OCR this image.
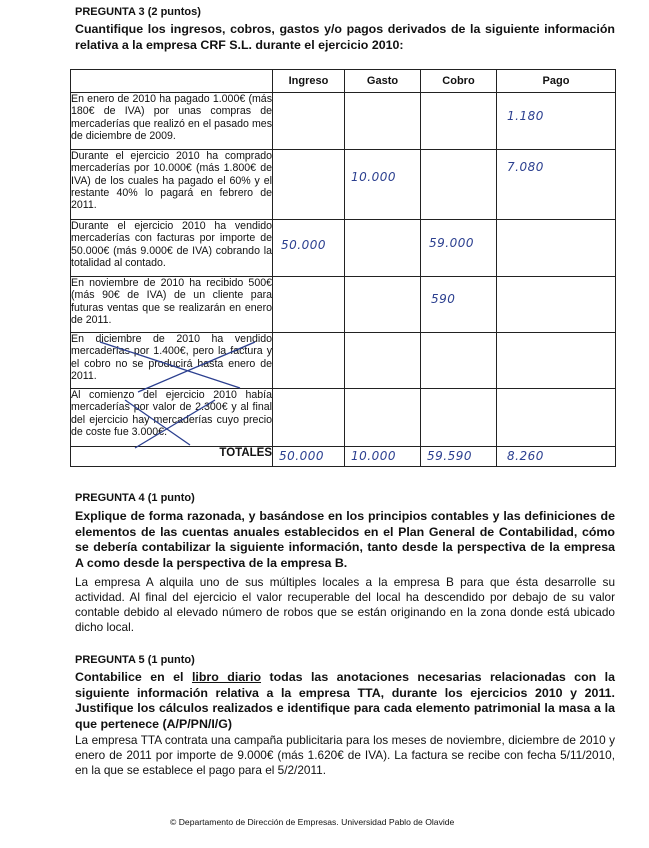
PREGUNTA 3 (2 puntos)
Cuantifique los ingresos, cobros, gastos y/o pagos derivados de la siguiente información relativa a la empresa CRF S.L. durante el ejercicio 2010:
	Ingreso	Gasto	Cobro	Pago
En enero de 2010 ha pagado 1.000€ (más 180€ de IVA) por unas compras de mercaderías que realizó en el pasado mes de diciembre de 2009.				1.180

Durante el ejercicio 2010 ha comprado mercaderías por 10.000€ (más 1.800€ de IVA) de los cuales ha pagado el 60% y el restante 40% lo pagará en febrero de 2011.		10.000		7.080

Durante el ejercicio 2010 ha vendido mercaderías con facturas por importe de 50.000€ (más 9.000€ de IVA) cobrando la totalidad al contado.	50.000		59.000	

En noviembre de 2010 ha recibido 500€ (más 90€ de IVA) de un cliente para futuras ventas que se realizarán en enero de 2011.			590	

En diciembre de 2010 ha vendido mercaderías por 1.400€, pero la factura y el cobro no se producirá hasta enero de 2011.	

Al comienzo del ejercicio 2010 había mercaderías por valor de 2.300€ y al final del ejercicio hay mercaderías cuyo precio de coste fue 3.000€.	

TOTALES	50.000	10.000	59.590	8.260
PREGUNTA 4 (1 punto)
Explique de forma razonada, y basándose en los principios contables y las definiciones de elementos de las cuentas anuales establecidos en el Plan General de Contabilidad, cómo se debería contabilizar la siguiente información, tanto desde la perspectiva de la empresa A como desde la perspectiva de la empresa B.
La empresa A alquila uno de sus múltiples locales a la empresa B para que ésta desarrolle su actividad. Al final del ejercicio el valor recuperable del local ha descendido por debajo de su valor contable debido al elevado número de robos que se están originando en la zona donde está ubicado dicho local.
PREGUNTA 5 (1 punto)
Contabilice en el libro diario todas las anotaciones necesarias relacionadas con la siguiente información relativa a la empresa TTA, durante los ejercicios 2010 y 2011. Justifique los cálculos realizados e identifique para cada elemento patrimonial la masa a la que pertenece (A/P/PN/I/G)
La empresa TTA contrata una campaña publicitaria para los meses de noviembre, diciembre de 2010 y enero de 2011 por importe de 9.000€ (más 1.620€ de IVA). La factura se recibe con fecha 5/11/2010, en la que se establece el pago para el 5/2/2011.
© Departamento de Dirección de Empresas. Universidad Pablo de Olavide
